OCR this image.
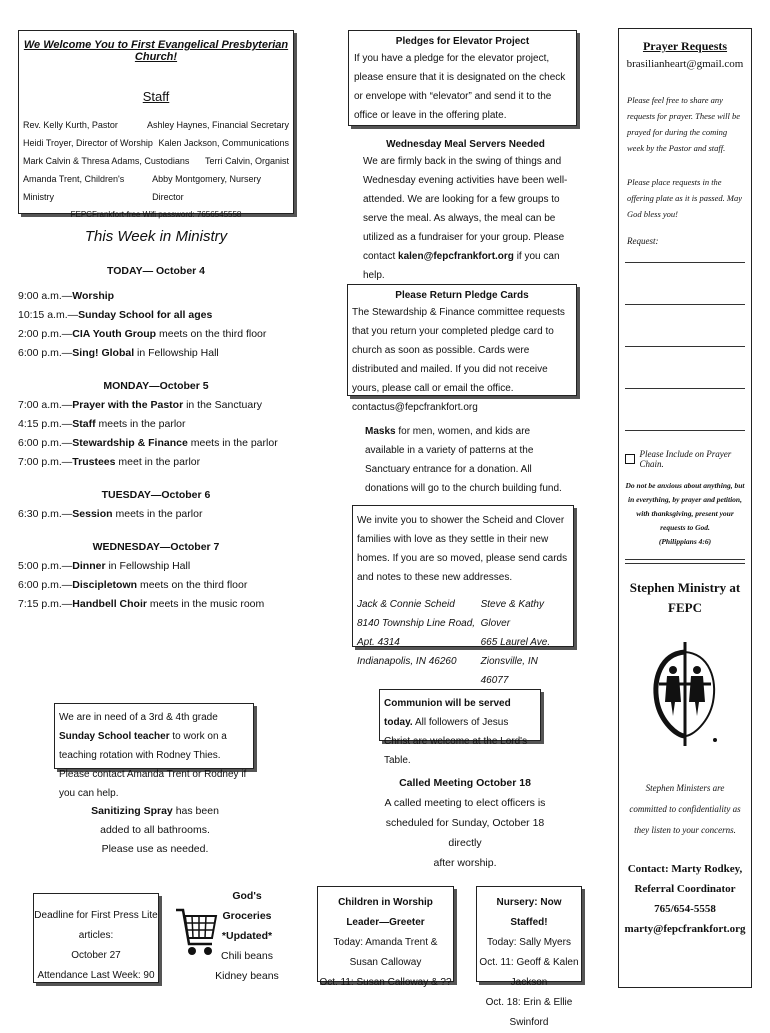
We Welcome You to First Evangelical Presbyterian Church!

Staff

Rev. Kelly Kurth, Pastor	Ashley Haynes, Financial Secretary
Heidi Troyer, Director of Worship Kalen Jackson, Communications
Mark Calvin & Thresa Adams, Custodians Terri Calvin, Organist
Amanda Trent, Children's Ministry
Abby Montgomery, Nursery Director

FEPCFrankfort-free Wifi password: 7656545558

This Week in Ministry

TODAY— October 4

9:00 a.m.—Worship

10:15 a.m.—Sunday School for all ages

2:00 p.m.—CIA Youth Group meets on the third floor

6:00 p.m.—Sing! Global in Fellowship Hall

MONDAY—October 5

7:00 a.m.—Prayer with the Pastor in the Sanctuary

4:15 p.m.—Staff meets in the parlor

6:00 p.m.—Stewardship & Finance meets in the parlor

7:00 p.m.—Trustees meet in the parlor

TUESDAY—October 6

6:30 p.m.—Session meets in the parlor

WEDNESDAY—October 7

5:00 p.m.—Dinner in Fellowship Hall

6:00 p.m.—Discipletown meets on the third floor

7:15 p.m.—Handbell Choir meets in the music room

We are in need of a 3rd & 4th grade Sunday School teacher to work on a teaching rotation with Rodney Thies. Please contact Amanda Trent or Rodney if you can help.

Sanitizing Spray has been

added to all bathrooms.

Please use as needed.

Deadline for First Press Lite articles:

October 27

Attendance Last Week: 90

God's Groceries

*Updated*

Chili beans

Kidney beans

Pledges for Elevator Project

If you have a pledge for the elevator project, please ensure that it is designated on the check or envelope with “elevator” and send it to the office or leave in the offering plate.

Wednesday Meal Servers Needed

We are firmly back in the swing of things and Wednesday evening activities have been well-attended. We are looking for a few groups to serve the meal. As always, the meal can be utilized as a fundraiser for your group. Please contact kalen@fepcfrankfort.org if you can help.

Please Return Pledge Cards

The Stewardship & Finance committee requests that you return your completed pledge card to church as soon as possible. Cards were distributed and mailed. If you did not receive yours, please call or email the office. contactus@fepcfrankfort.org

Masks for men, women, and kids are available in a variety of patterns at the Sanctuary entrance for a donation. All donations will go to the church building fund.

We invite you to shower the Scheid and Clover families with love as they settle in their new homes. If you are so moved, please send cards and notes to these new addresses.

Jack & Connie Scheid

8140 Township Line Road, Apt. 4314

Indianapolis, IN 46260

Steve & Kathy Glover

665 Laurel Ave.

Zionsville, IN 46077

Communion will be served today. All followers of Jesus Christ are welcome at the Lord's Table.

Called Meeting October 18

A called meeting to elect officers is

scheduled for Sunday, October 18 directly

after worship.

Children in Worship

Leader—Greeter

Today: Amanda Trent & Susan Calloway

Oct. 11: Susan Calloway & ??

Nursery: Now Staffed!

Today: Sally Myers

Oct. 11: Geoff & Kalen Jackson

Oct. 18: Erin & Ellie Swinford

Prayer Requests

brasilianheart@gmail.com

Please feel free to share any requests for prayer. These will be prayed for during the coming week by the Pastor and staff.

Please place requests in the offering plate as it is passed. May God bless you!

Request:

Please Include on Prayer Chain.

Do not be anxious about anything, but in everything, by prayer and petition, with thanksgiving, present your requests to God.
(Philippians 4:6)

Stephen Ministry at
FEPC

Stephen Ministers are committed to confidentiality as they listen to your concerns.

Contact: Marty Rodkey,

Referral Coordinator

765/654-5558

marty@fepcfrankfort.org
